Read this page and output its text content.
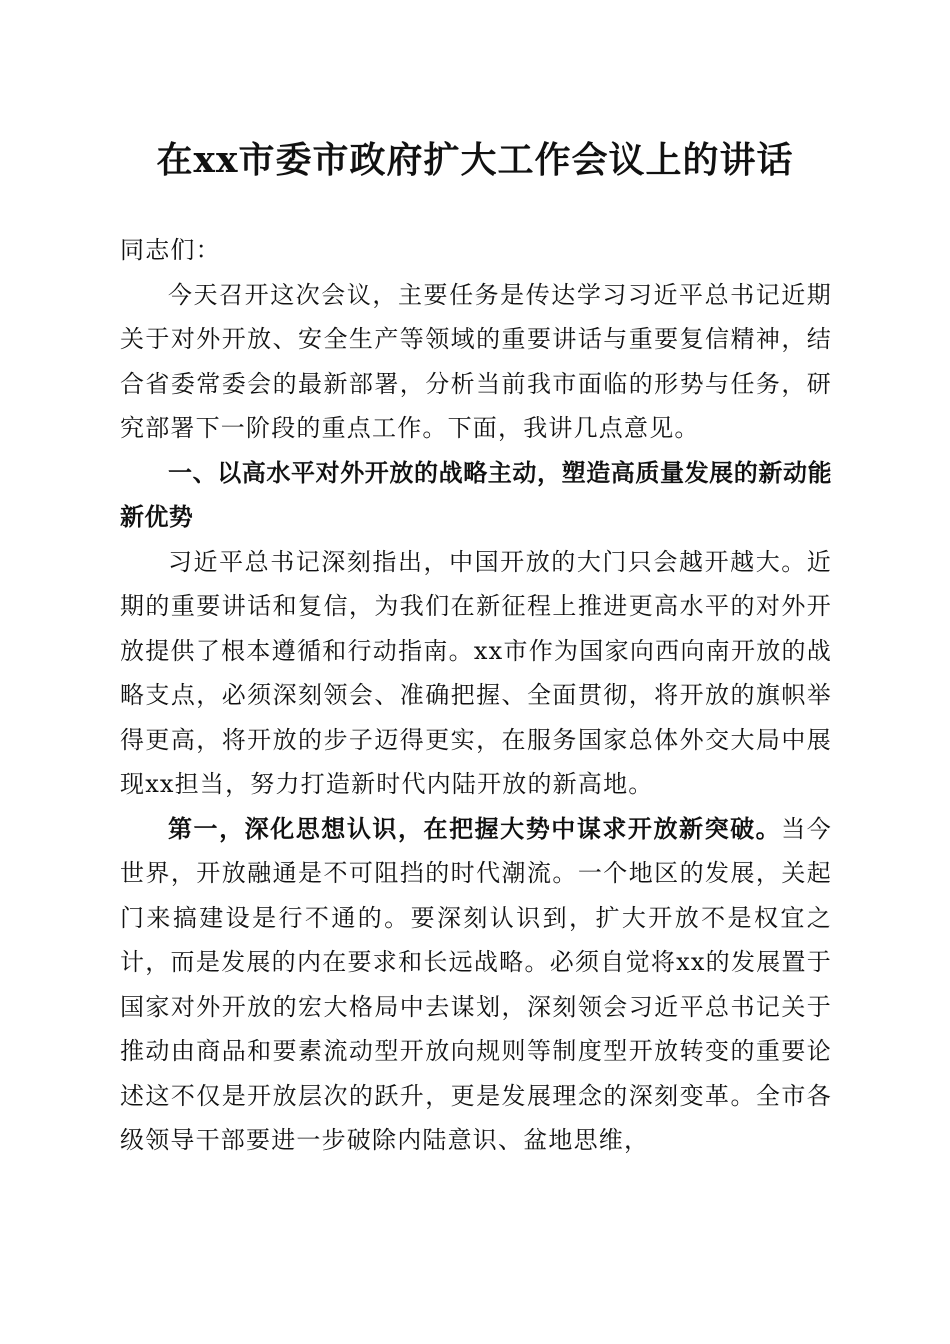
在xx市委市政府扩大工作会议上的讲话

同志们：

今天召开这次会议，主要任务是传达学习习近平总书记近期关于对外开放、安全生产等领域的重要讲话与重要复信精神，结合省委常委会的最新部署，分析当前我市面临的形势与任务，研究部署下一阶段的重点工作。下面，我讲几点意见。

一、以高水平对外开放的战略主动，塑造高质量发展的新动能新优势

习近平总书记深刻指出，中国开放的大门只会越开越大。近期的重要讲话和复信，为我们在新征程上推进更高水平的对外开放提供了根本遵循和行动指南。xx市作为国家向西向南开放的战略支点，必须深刻领会、准确把握、全面贯彻，将开放的旗帜举得更高，将开放的步子迈得更实，在服务国家总体外交大局中展现xx担当，努力打造新时代内陆开放的新高地。

第一，深化思想认识，在把握大势中谋求开放新突破。当今世界，开放融通是不可阻挡的时代潮流。一个地区的发展，关起门来搞建设是行不通的。要深刻认识到，扩大开放不是权宜之计，而是发展的内在要求和长远战略。必须自觉将xx的发展置于国家对外开放的宏大格局中去谋划，深刻领会习近平总书记关于推动由商品和要素流动型开放向规则等制度型开放转变的重要论述这不仅是开放层次的跃升，更是发展理念的深刻变革。全市各级领导干部要进一步破除内陆意识、盆地思维，
